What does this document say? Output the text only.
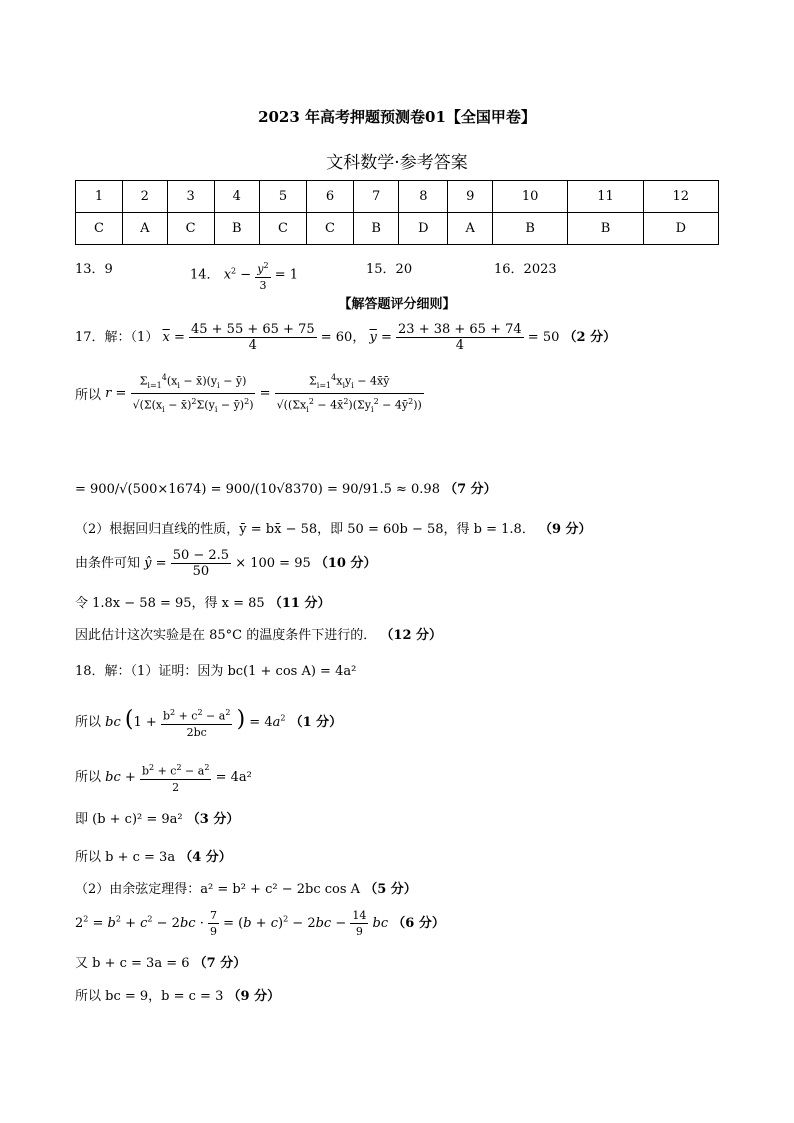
2023 年高考押题预测卷01【全国甲卷】
文科数学·参考答案
1	2	3	4	5	6	7	8	9	10	11	12
C	A	C	B	C	C	B	D	A	B	B	D
13．9	14． $x^2 - \frac{y^2}{3} = 1$	15．20	16．2023
【解答题评分细则】
17．解：（1） $\overline{x} = \frac{45 + 55 + 65 + 75}{4} = 60$， $\overline{y} = \frac{23 + 38 + 65 + 74}{4} = 50$ （2 分）
所以 $r = \frac{\Sigma_{i=1}^4(x_i - x̄)(y_i - ȳ)}{√(\Sigma(x_i - x̄)^2\Sigma(y_i - ȳ)^2)} = \frac{\Sigma_{i=1}^4x_iy_i - 4x̄ȳ}{√((\Sigma x_i^2 - 4x̄^2)(\Sigma y_i^2 - 4ȳ^2))}$
= 900/√(500×1674) = 900/(10√8370) = 90/91.5 ≈ 0.98 （7 分）
（2）根据回归直线的性质，ȳ = bx̄ − 58，即 50 = 60b − 58，得 b = 1.8． （9 分）
由条件可知 ŷ = $\frac{50 - 2.5}{50} \times 100 = 95$ （10 分）
令 1.8x − 58 = 95，得 x = 85 （11 分）
因此估计这次实验是在 85°C 的温度条件下进行的． （12 分）
18．解：（1）证明：因为 bc(1 + cos A) = 4a²
所以 bc ($1 + \frac{b^2 + c^2 - a^2}{2bc}$ ) = $4a^2$ （1 分）
所以 bc + $\frac{b^2 + c^2 - a^2}{2} = 4a^2$
即 (b + c)² = 9a² （3 分）
所以 b + c = 3a （4 分）
（2）由余弦定理得：a² = b² + c² − 2bc cos A （5 分）
$2^2 = b^2 + c^2 - 2bc \cdot \frac{7}{9} = (b + c)^2 - 2bc - \frac{14}{9}$ bc （6 分）
又 b + c = 3a = 6 （7 分）
所以 bc = 9，b = c = 3 （9 分）
